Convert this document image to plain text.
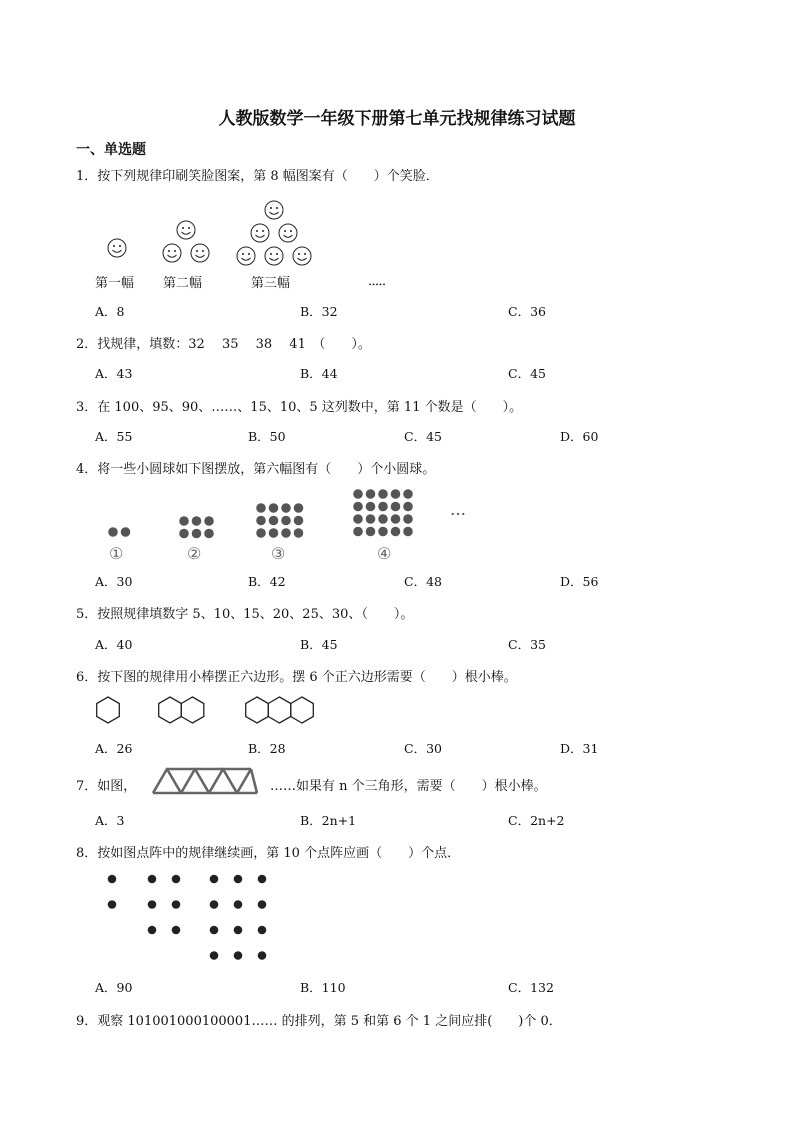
人教版数学一年级下册第七单元找规律练习试题
一、单选题
1．按下列规律印刷笑脸图案，第 8 幅图案有（　　）个笑脸．
第一幅 第二幅	第三幅	．．．．．
A．8	B．32	C．36
2．找规律，填数：32　 35　 38　 41　（　　）。
A．43	B．44	C．45
3．在 100、95、90、……、15、10、5 这列数中，第 11 个数是（　　）。
A．55	B．50	C．45	D．60
4．将一些小圆球如下图摆放，第六幅图有（　　）个小圆球。
①	②	③	④
…
A．30	B．42	C．48	D．56
5．按照规律填数字 5、10、15、20、25、30、（　　）。
A．40	B．45	C．35
6．按下图的规律用小棒摆正六边形。摆 6 个正六边形需要（　　）根小棒。
A．26	B．28	C．30	D．31
7．如图，	……如果有 n 个三角形，需要（　　）根小棒。
A．3	B．2n+1	C．2n+2
8．按如图点阵中的规律继续画，第 10 个点阵应画（　　）个点．
A．90	B．110	C．132
9．观察 101001000100001…… 的排列，第 5 和第 6 个 1 之间应排(　　)个 0．
